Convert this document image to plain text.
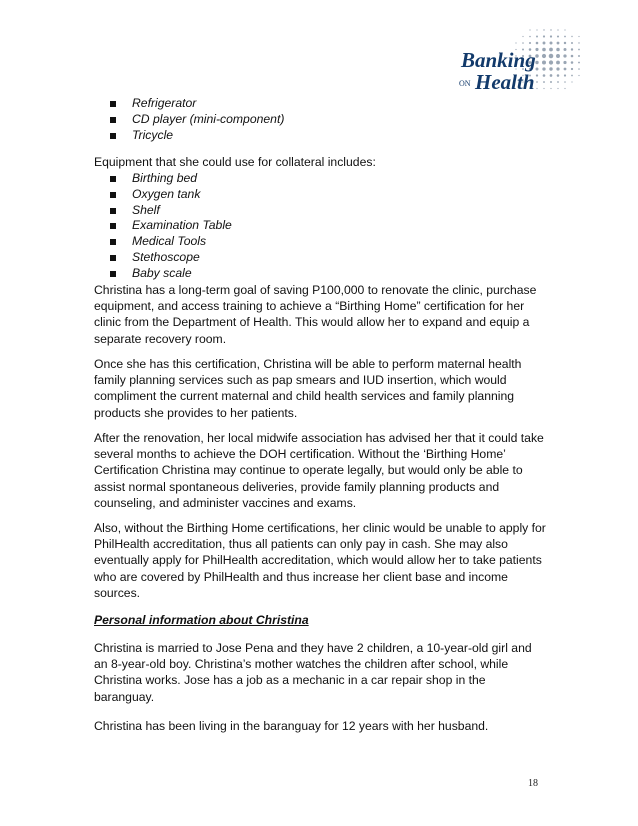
Banking
ON Health
Refrigerator
CD player (mini-component)
Tricycle
Equipment that she could use for collateral includes:
Birthing bed
Oxygen tank
Shelf
Examination Table
Medical Tools
Stethoscope
Baby scale

Christina has a long-term goal of saving P100,000 to renovate the clinic, purchase equipment, and access training to achieve a “Birthing Home” certification for her clinic from the Department of Health. This would allow her to expand and equip a separate recovery room.

Once she has this certification, Christina will be able to perform maternal health family planning services such as pap smears and IUD insertion, which would compliment the current maternal and child health services and family planning products she provides to her patients.

After the renovation, her local midwife association has advised her that it could take several months to achieve the DOH certification. Without the ‘Birthing Home’ Certification Christina may continue to operate legally, but would only be able to assist normal spontaneous deliveries, provide family planning products and counseling, and administer vaccines and exams.

Also, without the Birthing Home certifications, her clinic would be unable to apply for PhilHealth accreditation, thus all patients can only pay in cash. She may also eventually apply for PhilHealth accreditation, which would allow her to take patients who are covered by PhilHealth and thus increase her client base and income sources.

Personal information about Christina

Christina is married to Jose Pena and they have 2 children, a 10-year-old girl and an 8-year-old boy. Christina’s mother watches the children after school, while Christina works. Jose has a job as a mechanic in a car repair shop in the baranguay.

Christina has been living in the baranguay for 12 years with her husband.

18
